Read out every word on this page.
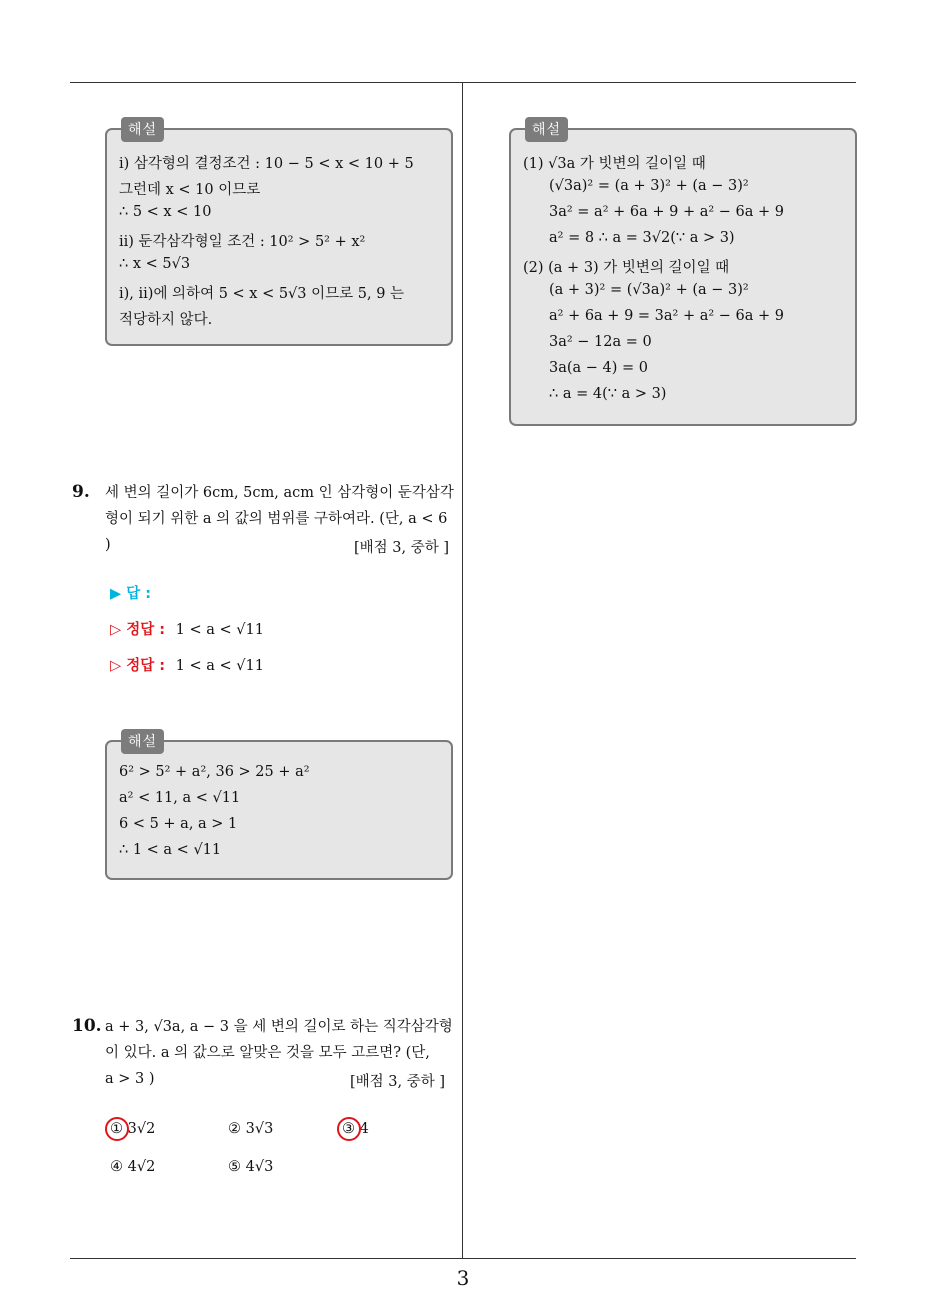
해설
ⅰ) 삼각형의 결정조건 : 10 − 5 < x < 10 + 5
그런데 x < 10 이므로
∴ 5 < x < 10
ⅱ) 둔각삼각형일 조건 : 10² > 5² + x²
∴ x < 5√3
ⅰ), ⅱ)에 의하여 5 < x < 5√3 이므로 5, 9 는
적당하지 않다.
9. 세 변의 길이가 6cm, 5cm, acm 인 삼각형이 둔각삼각
형이 되기 위한 a 의 값의 범위를 구하여라. (단, a < 6
)	[배점 3, 중하 ]
▶ 답 :
▷ 정답 : 1 < a < √11
▷ 정답 : 1 < a < √11
해설
6² > 5² + a², 36 > 25 + a²
a² < 11, a < √11
6 < 5 + a, a > 1
∴ 1 < a < √11
10. a + 3, √3a, a − 3 을 세 변의 길이로 하는 직각삼각형
이 있다. a 의 값으로 알맞은 것을 모두 고르면? (단,
a > 3 )	[배점 3, 중하 ]
① 3√2	② 3√3	③ 4
④ 4√2	⑤ 4√3
해설
(1) √3a 가 빗변의 길이일 때
(√3a)² = (a + 3)² + (a − 3)²
3a² = a² + 6a + 9 + a² − 6a + 9
a² = 8 ∴ a = 3√2(∵ a > 3)
(2) (a + 3) 가 빗변의 길이일 때
(a + 3)² = (√3a)² + (a − 3)²
a² + 6a + 9 = 3a² + a² − 6a + 9
3a² − 12a = 0
3a(a − 4) = 0
∴ a = 4(∵ a > 3)
3
